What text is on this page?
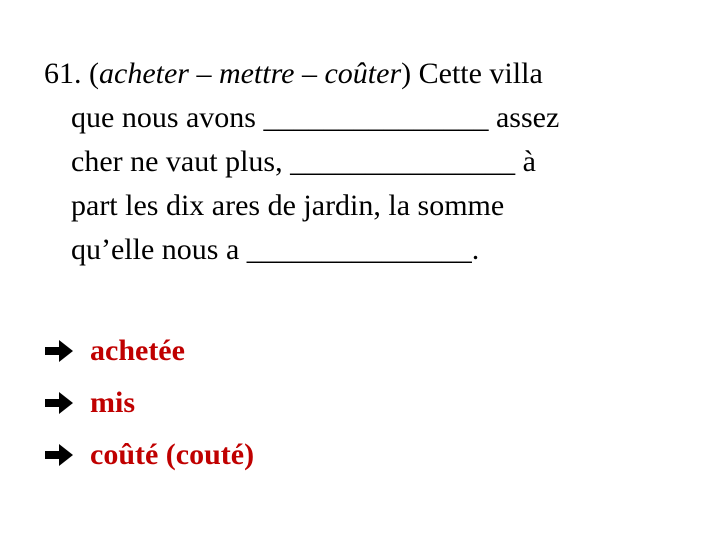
61. (acheter – mettre – coûter) Cette villa
que nous avons _______________ assez
cher ne vaut plus, _______________ à
part les dix ares de jardin, la somme
qu’elle nous a _______________.
achetée
mis
coûté (couté)
